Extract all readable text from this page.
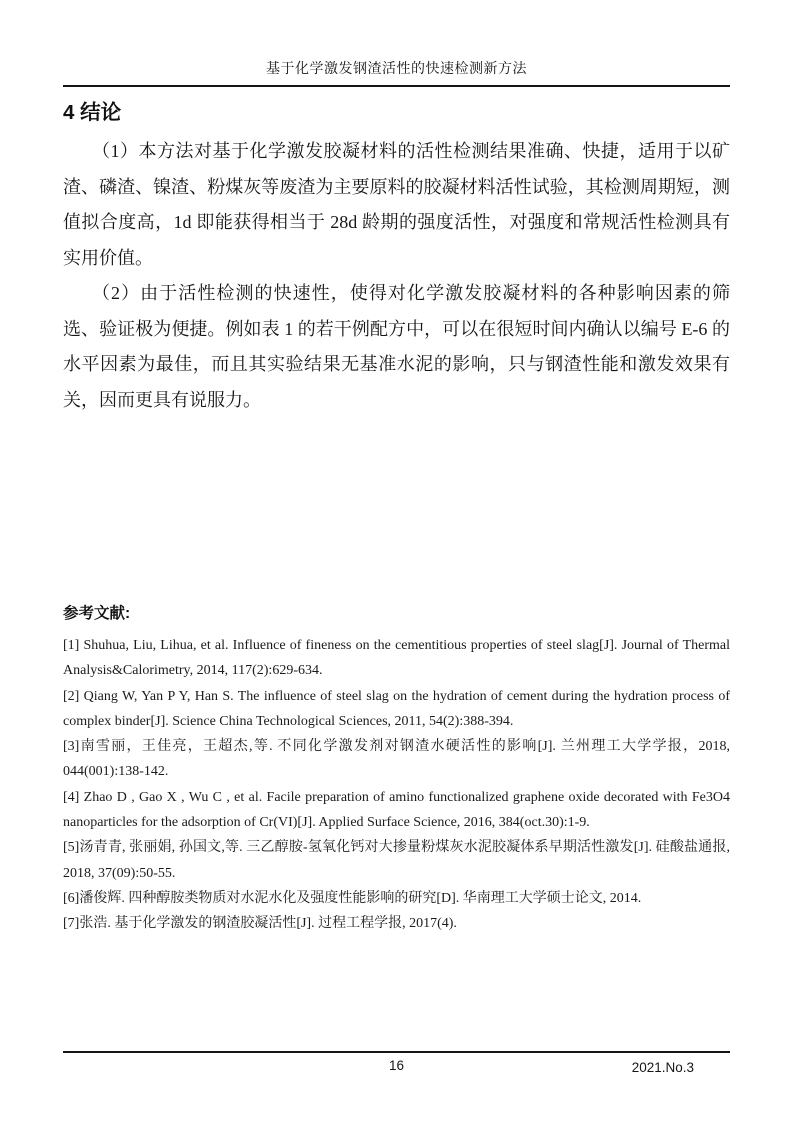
基于化学激发钢渣活性的快速检测新方法
4 结论

（1）本方法对基于化学激发胶凝材料的活性检测结果准确、快捷，适用于以矿渣、磷渣、镍渣、粉煤灰等废渣为主要原料的胶凝材料活性试验，其检测周期短，测值拟合度高，1d 即能获得相当于 28d 龄期的强度活性，对强度和常规活性检测具有实用价值。

（2）由于活性检测的快速性，使得对化学激发胶凝材料的各种影响因素的筛选、验证极为便捷。例如表 1 的若干例配方中，可以在很短时间内确认以编号 E-6 的水平因素为最佳，而且其实验结果无基准水泥的影响，只与钢渣性能和激发效果有关，因而更具有说服力。

参考文献:

[1] Shuhua, Liu, Lihua, et al. Influence of fineness on the cementitious properties of steel slag[J]. Journal of Thermal Analysis&Calorimetry, 2014, 117(2):629-634.

[2] Qiang W, Yan P Y, Han S. The influence of steel slag on the hydration of cement during the hydration process of complex binder[J]. Science China Technological Sciences, 2011, 54(2):388-394.

[3]南雪丽，王佳亮，王超杰,等. 不同化学激发剂对钢渣水硬活性的影响[J]. 兰州理工大学学报，2018, 044(001):138-142.

[4] Zhao D , Gao X , Wu C , et al. Facile preparation of amino functionalized graphene oxide decorated with Fe3O4 nanoparticles for the adsorption of Cr(VI)[J]. Applied Surface Science, 2016, 384(oct.30):1-9.

[5]汤青青, 张丽娟, 孙国文,等. 三乙醇胺-氢氧化钙对大掺量粉煤灰水泥胶凝体系早期活性激发[J]. 硅酸盐通报, 2018, 37(09):50-55.

[6]潘俊辉. 四种醇胺类物质对水泥水化及强度性能影响的研究[D]. 华南理工大学硕士论文, 2014.

[7]张浩. 基于化学激发的钢渣胶凝活性[J]. 过程工程学报, 2017(4).

16	2021.No.3
